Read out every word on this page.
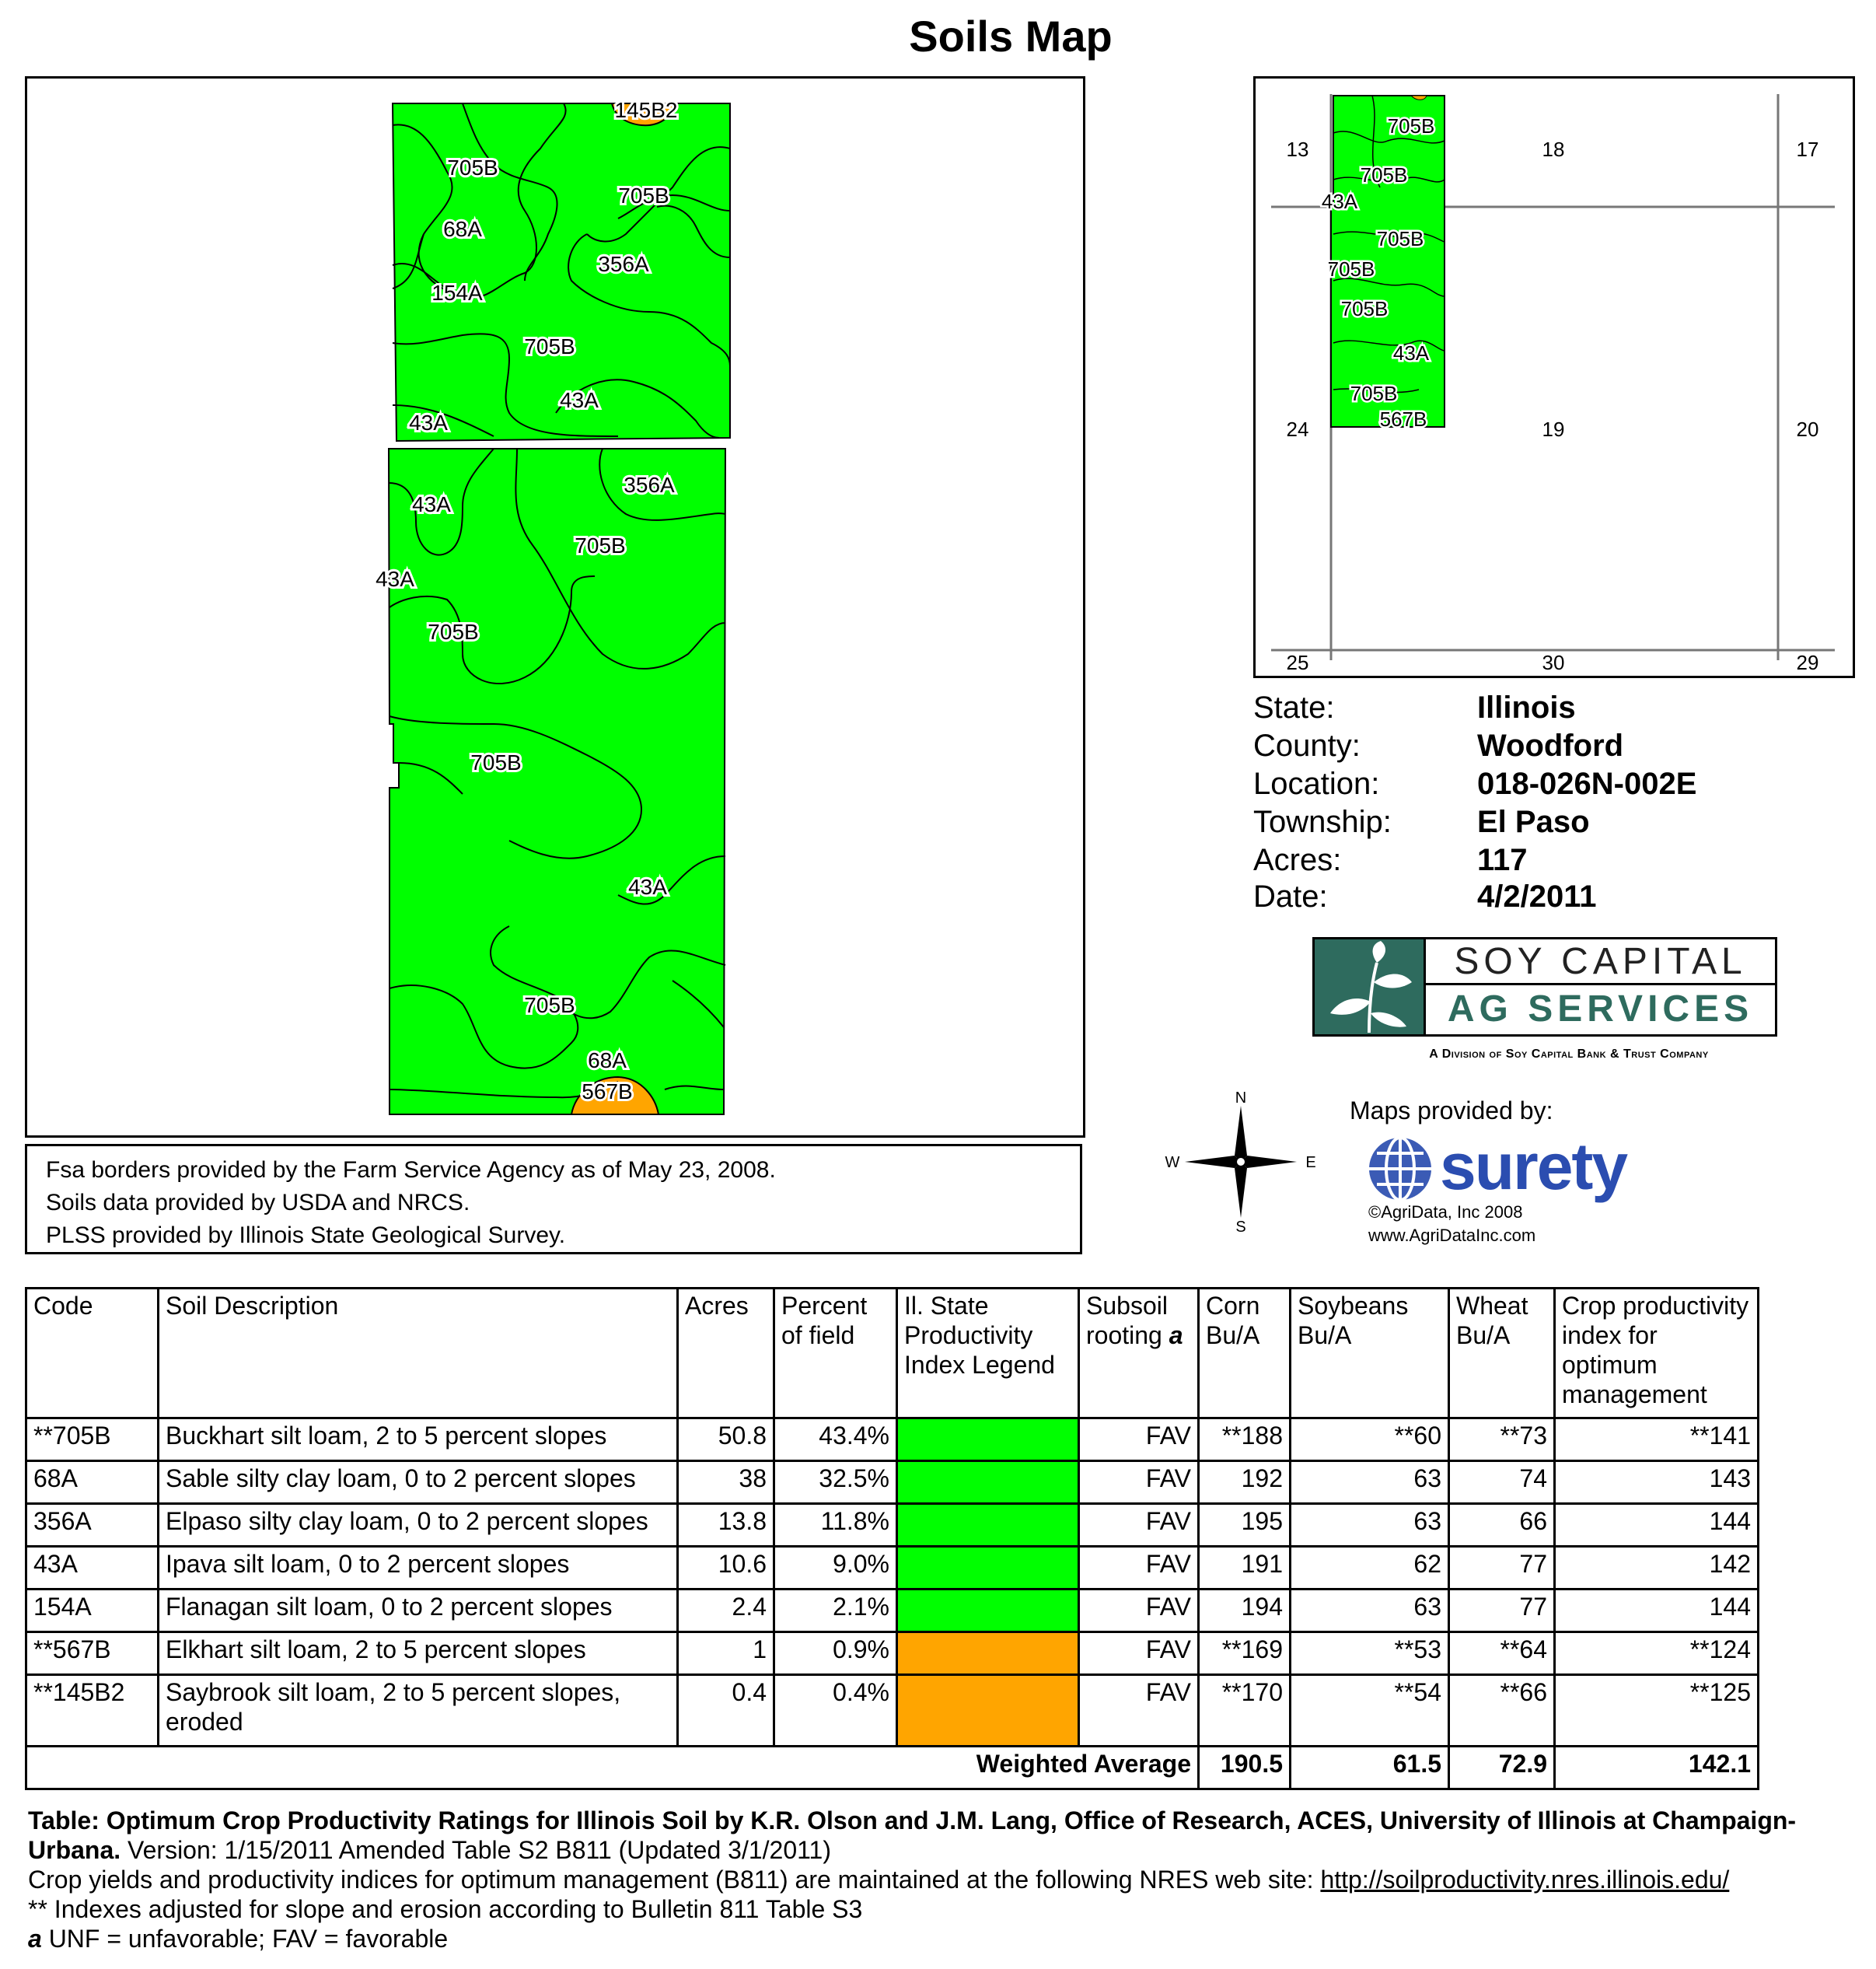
Soils Map
145B2
705B
705B
68A
356A
154A
705B
43A
43A
356A
43A
705B
43A
705B
705B
43A
705B
68A
567B
13	18	17
24	19	20
25	30	29
705B
705B
43A
705B
705B
705B
43A
705B
567B
State:	Illinois
County:	Woodford
Location:	018-026N-002E
Township:	El Paso
Acres:	117
Date:	4/2/2011
SOY CAPITAL
AG SERVICES
A Division of Soy Capital Bank & Trust Company
N
S
W	E
Maps provided by:
surety
©AgriData, Inc 2008
www.AgriDataInc.com
Fsa borders provided by the Farm Service Agency as of May 23, 2008.
Soils data provided by USDA and NRCS.
PLSS provided by Illinois State Geological Survey.
Code	Soil Description	Acres	Percent of field	Il. State Productivity Index Legend	Subsoil rooting a	Corn Bu/A	Soybeans Bu/A	Wheat Bu/A	Crop productivity index for optimum management
**705B	Buckhart silt loam, 2 to 5 percent slopes	50.8	43.4%		FAV	**188	**60	**73	**141
68A	Sable silty clay loam, 0 to 2 percent slopes	38	32.5%		FAV	192	63	74	143
356A	Elpaso silty clay loam, 0 to 2 percent slopes	13.8	11.8%		FAV	195	63	66	144
43A	Ipava silt loam, 0 to 2 percent slopes	10.6	9.0%		FAV	191	62	77	142
154A	Flanagan silt loam, 0 to 2 percent slopes	2.4	2.1%		FAV	194	63	77	144
**567B	Elkhart silt loam, 2 to 5 percent slopes	1	0.9%		FAV	**169	**53	**64	**124
**145B2	Saybrook silt loam, 2 to 5 percent slopes, eroded	0.4	0.4%		FAV	**170	**54	**66	**125
Weighted Average						190.5	61.5	72.9	142.1
Table: Optimum Crop Productivity Ratings for Illinois Soil by K.R. Olson and J.M. Lang, Office of Research, ACES, University of Illinois at Champaign-Urbana. Version: 1/15/2011 Amended Table S2 B811 (Updated 3/1/2011)
Crop yields and productivity indices for optimum management (B811) are maintained at the following NRES web site: http://soilproductivity.nres.illinois.edu/
** Indexes adjusted for slope and erosion according to Bulletin 811 Table S3
a UNF = unfavorable; FAV = favorable
